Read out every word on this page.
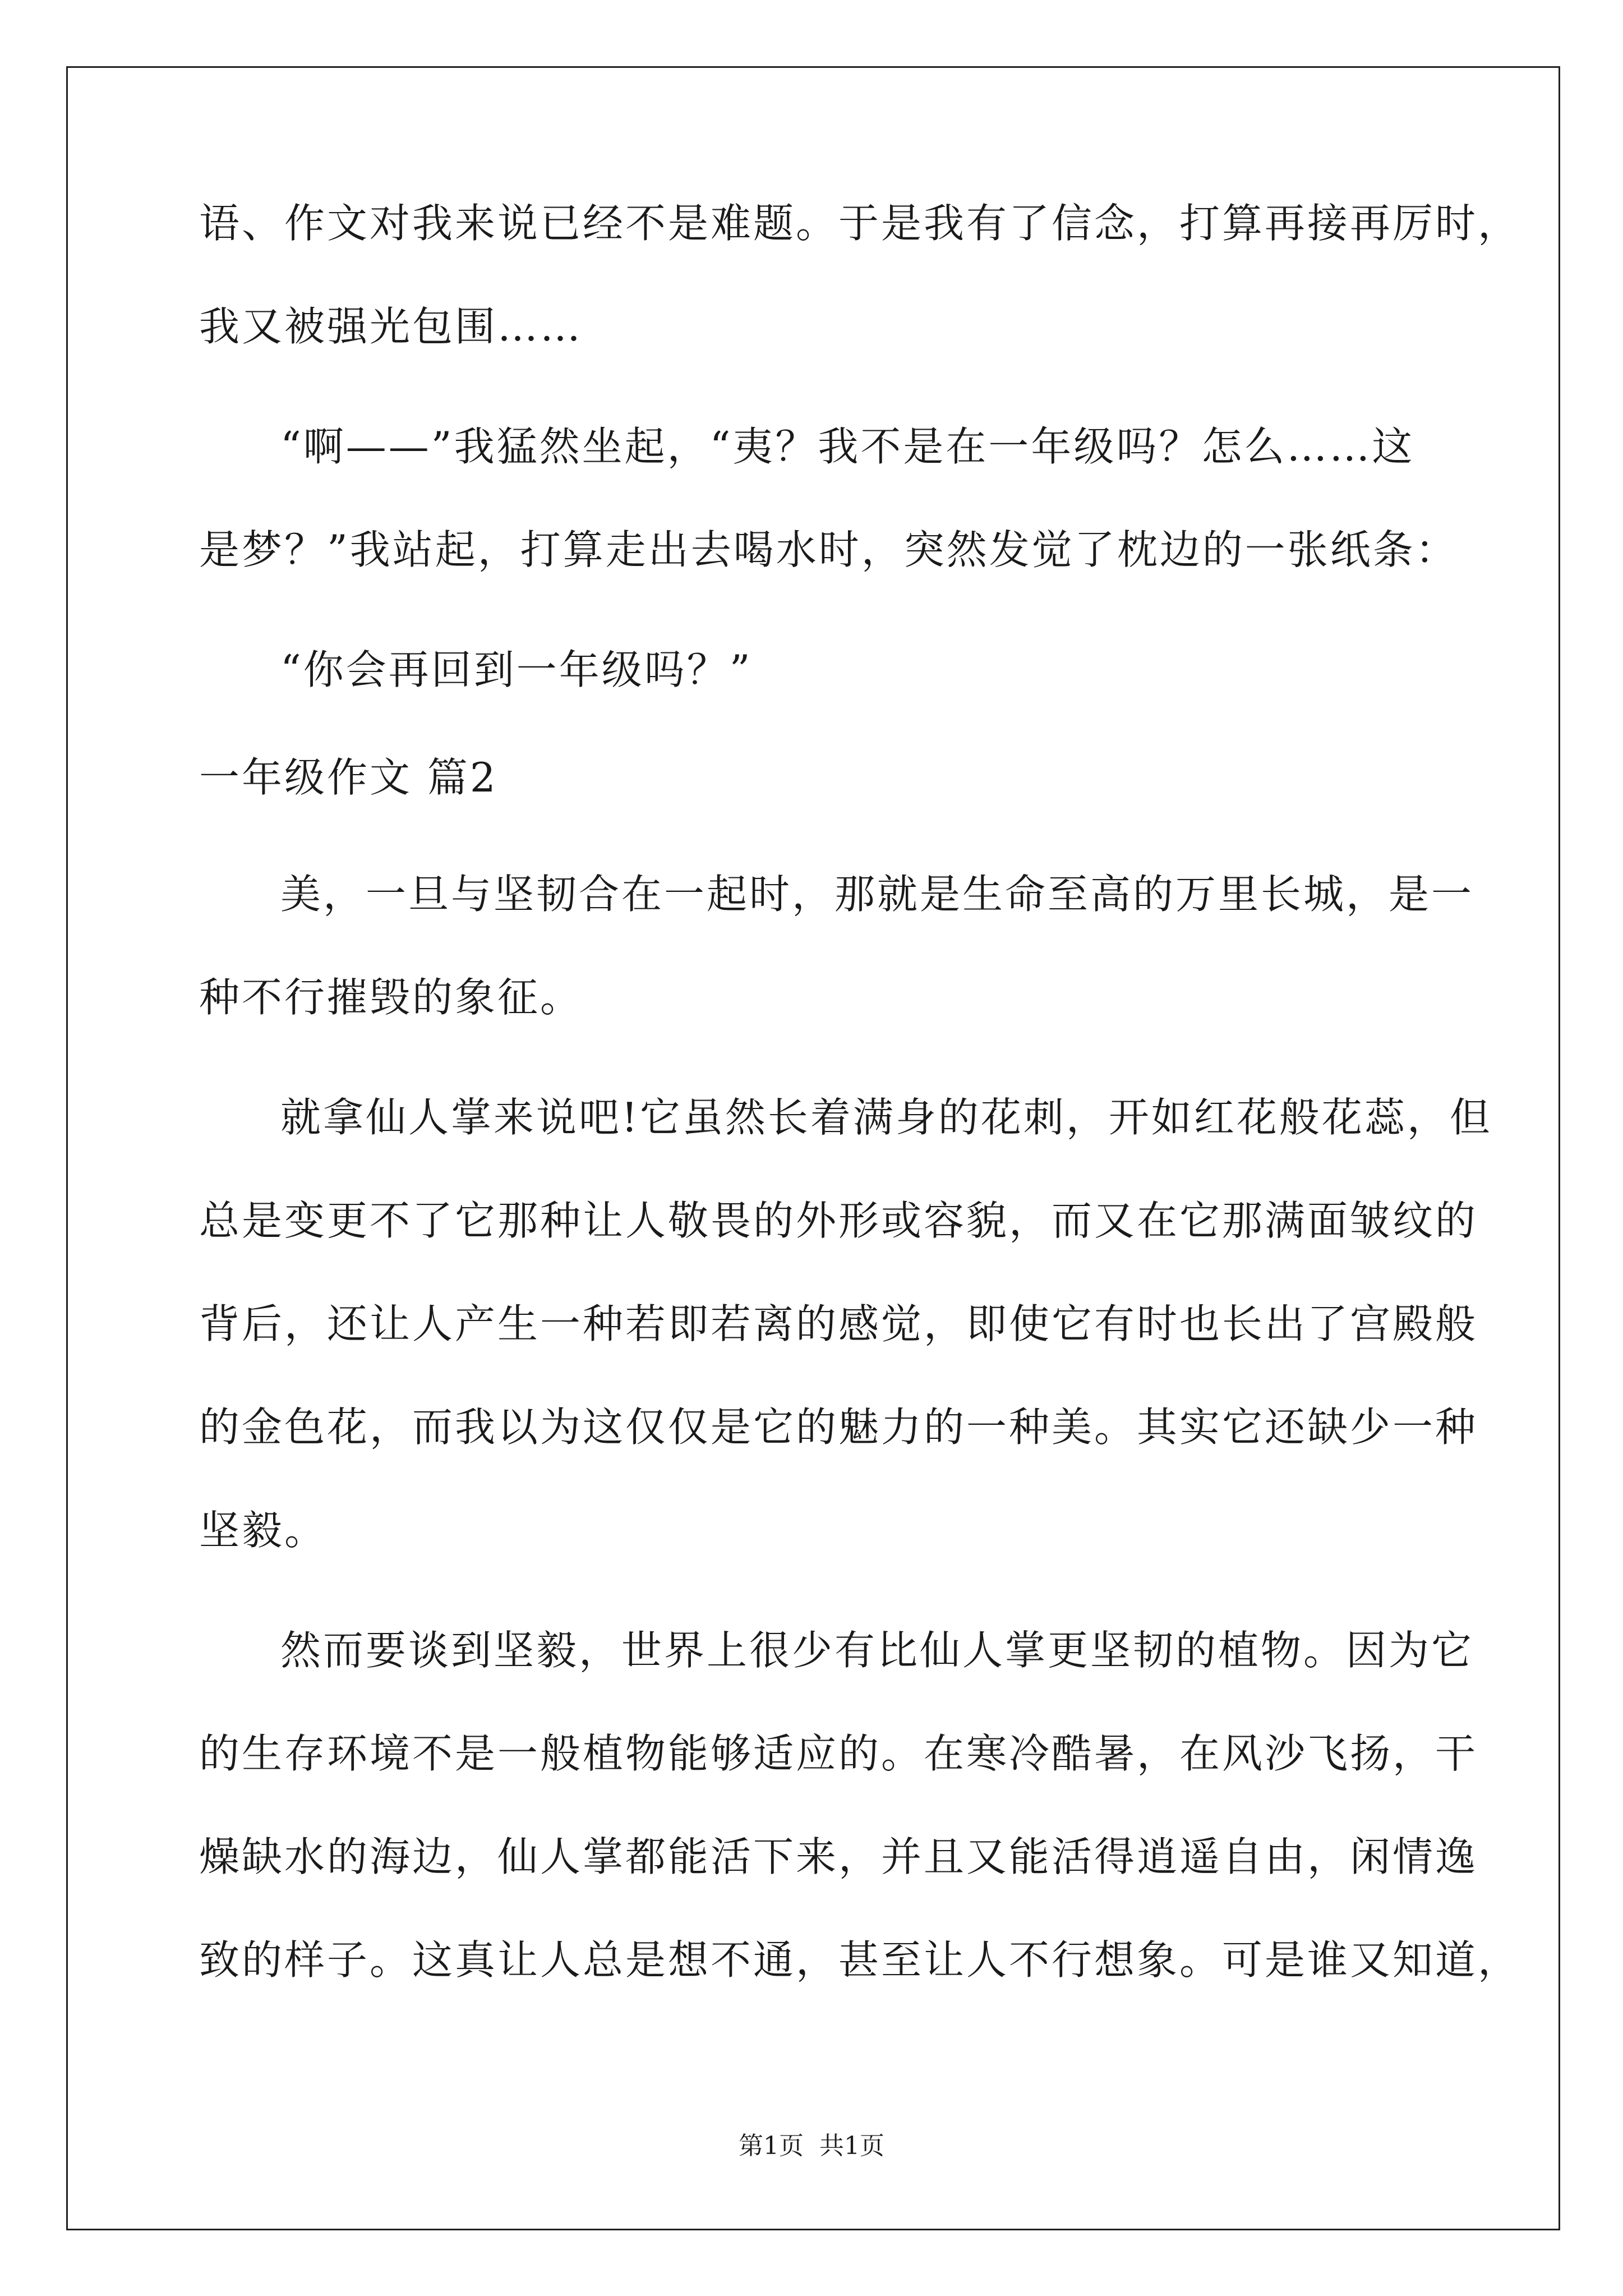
语、作文对我来说已经不是难题。于是我有了信念，打算再接再厉时，
我又被强光包围……
“啊——”我猛然坐起，“夷？我不是在一年级吗？怎么……这
是梦？”我站起，打算走出去喝水时，突然发觉了枕边的一张纸条：
“你会再回到一年级吗？”
一年级作文 篇2
美，一旦与坚韧合在一起时，那就是生命至高的万里长城，是一
种不行摧毁的象征。
就拿仙人掌来说吧!它虽然长着满身的花刺，开如红花般花蕊，但
总是变更不了它那种让人敬畏的外形或容貌，而又在它那满面皱纹的
背后，还让人产生一种若即若离的感觉，即使它有时也长出了宫殿般
的金色花，而我以为这仅仅是它的魅力的一种美。其实它还缺少一种
坚毅。
然而要谈到坚毅，世界上很少有比仙人掌更坚韧的植物。因为它
的生存环境不是一般植物能够适应的。在寒冷酷暑，在风沙飞扬，干
燥缺水的海边，仙人掌都能活下来，并且又能活得逍遥自由，闲情逸
致的样子。这真让人总是想不通，甚至让人不行想象。可是谁又知道，
第1页  共1页
